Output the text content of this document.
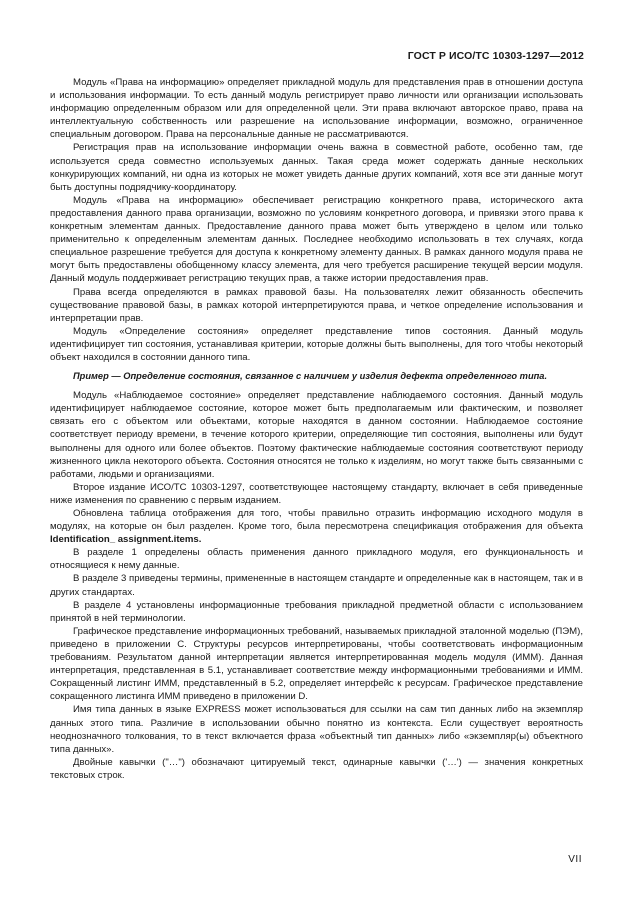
ГОСТ Р ИСО/ТС 10303-1297—2012

Модуль «Права на информацию» определяет прикладной модуль для представления прав в отношении доступа и использования информации. То есть данный модуль регистрирует право личности или организации использовать информацию определенным образом или для определенной цели. Эти права включают авторское право, права на интеллектуальную собственность или разрешение на использование информации, возможно, ограниченное специальным договором. Права на персональные данные не рассматриваются.

Регистрация прав на использование информации очень важна в совместной работе, особенно там, где используется среда совместно используемых данных. Такая среда может содержать данные нескольких конкурирующих компаний, ни одна из которых не может увидеть данные других компаний, хотя все эти данные могут быть доступны подрядчику-координатору.

Модуль «Права на информацию» обеспечивает регистрацию конкретного права, исторического акта предоставления данного права организации, возможно по условиям конкретного договора, и привязки этого права к конкретным элементам данных. Предоставление данного права может быть утверждено в целом или только применительно к определенным элементам данных. Последнее необходимо использовать в тех случаях, когда специальное разрешение требуется для доступа к конкретному элементу данных. В рамках данного модуля права не могут быть предоставлены обобщенному классу элемента, для чего требуется расширение текущей версии модуля. Данный модуль поддерживает регистрацию текущих прав, а также истории предоставления прав.

Права всегда определяются в рамках правовой базы. На пользователях лежит обязанность обеспечить существование правовой базы, в рамках которой интерпретируются права, и четкое определение использования и интерпретации прав.

Модуль «Определение состояния» определяет представление типов состояния. Данный модуль идентифицирует тип состояния, устанавливая критерии, которые должны быть выполнены, для того чтобы некоторый объект находился в состоянии данного типа.

Пример — Определение состояния, связанное с наличием у изделия дефекта определенного типа.

Модуль «Наблюдаемое состояние» определяет представление наблюдаемого состояния. Данный модуль идентифицирует наблюдаемое состояние, которое может быть предполагаемым или фактическим, и позволяет связать его с объектом или объектами, которые находятся в данном состоянии. Наблюдаемое состояние соответствует периоду времени, в течение которого критерии, определяющие тип состояния, выполнены или будут выполнены для одного или более объектов. Поэтому фактические наблюдаемые состояния соответствуют периоду жизненного цикла некоторого объекта. Состояния относятся не только к изделиям, но могут также быть связанными с работами, людьми и организациями.

Второе издание ИСО/ТС 10303-1297, соответствующее настоящему стандарту, включает в себя приведенные ниже изменения по сравнению с первым изданием.

Обновлена таблица отображения для того, чтобы правильно отразить информацию исходного модуля в модулях, на которые он был разделен. Кроме того, была пересмотрена спецификация отображения для объекта Identification_ assignment.items.

В разделе 1 определены область применения данного прикладного модуля, его функциональность и относящиеся к нему данные.

В разделе 3 приведены термины, примененные в настоящем стандарте и определенные как в настоящем, так и в других стандартах.

В разделе 4 установлены информационные требования прикладной предметной области с использованием принятой в ней терминологии.

Графическое представление информационных требований, называемых прикладной эталонной моделью (ПЭМ), приведено в приложении С. Структуры ресурсов интерпретированы, чтобы соответствовать информационным требованиям. Результатом данной интерпретации является интерпретированная модель модуля (ИММ). Данная интерпретация, представленная в 5.1, устанавливает соответствие между информационными требованиями и ИММ. Сокращенный листинг ИММ, представленный в 5.2, определяет интерфейс к ресурсам. Графическое представление сокращенного листинга ИММ приведено в приложении D.

Имя типа данных в языке EXPRESS может использоваться для ссылки на сам тип данных либо на экземпляр данных этого типа. Различие в использовании обычно понятно из контекста. Если существует вероятность неоднозначного толкования, то в текст включается фраза «объектный тип данных» либо «экземпляр(ы) объектного типа данных».

Двойные кавычки ("…") обозначают цитируемый текст, одинарные кавычки ('…') — значения конкретных текстовых строк.

VII
